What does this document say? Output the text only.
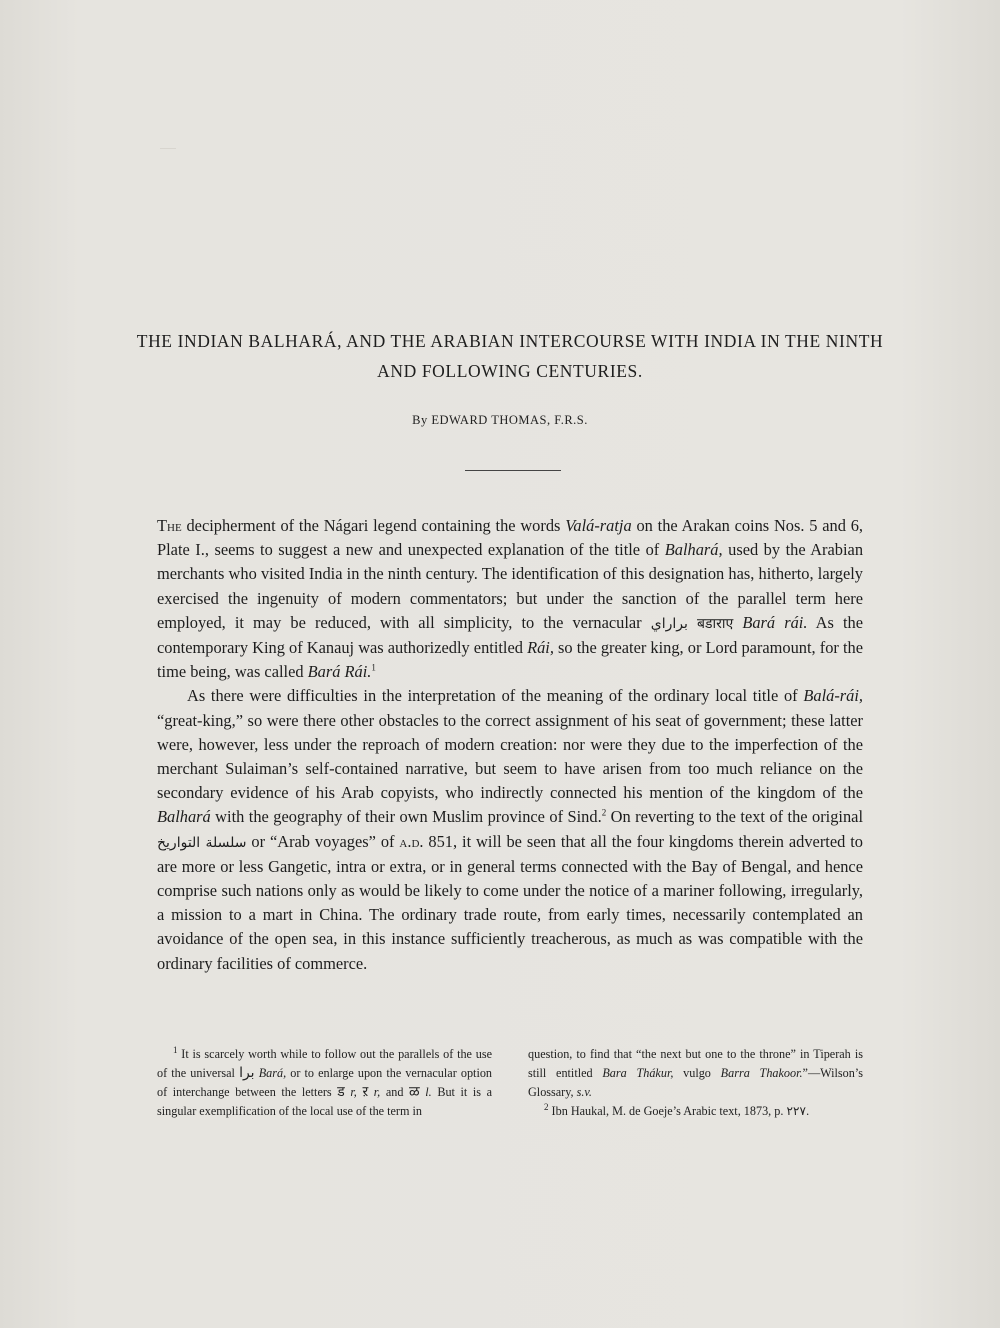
THE INDIAN BALHARÁ, AND THE ARABIAN INTERCOURSE WITH INDIA IN THE NINTH AND FOLLOWING CENTURIES.
By EDWARD THOMAS, F.R.S.

The decipherment of the Nágari legend containing the words Valá-ratja on the Arakan coins Nos. 5 and 6, Plate I., seems to suggest a new and unexpected explanation of the title of Balhará, used by the Arabian merchants who visited India in the ninth century. The identification of this designation has, hitherto, largely exercised the ingenuity of modern commentators; but under the sanction of the parallel term here employed, it may be reduced, with all simplicity, to the vernacular براراي बडाराए Bará rái. As the contemporary King of Kanauj was authorizedly entitled Rái, so the greater king, or Lord paramount, for the time being, was called Bará Rái.$^1$

As there were difficulties in the interpretation of the meaning of the ordinary local title of Balá-rái, “great-king,” so were there other obstacles to the correct assignment of his seat of government; these latter were, however, less under the reproach of modern creation: nor were they due to the imperfection of the merchant Sulaiman’s self-contained narrative, but seem to have arisen from too much reliance on the secondary evidence of his Arab copyists, who indirectly connected his mention of the kingdom of the Balhará with the geography of their own Muslim province of Sind.$^2$ On reverting to the text of the original سلسلة التواريخ or “Arab voyages” of a.d. 851, it will be seen that all the four kingdoms therein adverted to are more or less Gangetic, intra or extra, or in general terms connected with the Bay of Bengal, and hence comprise such nations only as would be likely to come under the notice of a mariner following, irregularly, a mission to a mart in China. The ordinary trade route, from early times, necessarily contemplated an avoidance of the open sea, in this instance sufficiently treacherous, as much as was compatible with the ordinary facilities of commerce.

$^1$ It is scarcely worth while to follow out the parallels of the use of the universal برا Bará, or to enlarge upon the vernacular option of interchange between the letters ड r, ऱ r, and ळ l. But it is a singular exemplification of the local use of the term in

question, to find that “the next but one to the throne” in Tiperah is still entitled Bara Thákur, vulgo Barra Thakoor.”—Wilson’s Glossary, s.v.

$^2$ Ibn Haukal, M. de Goeje’s Arabic text, 1873, p. ٢٢٧.
